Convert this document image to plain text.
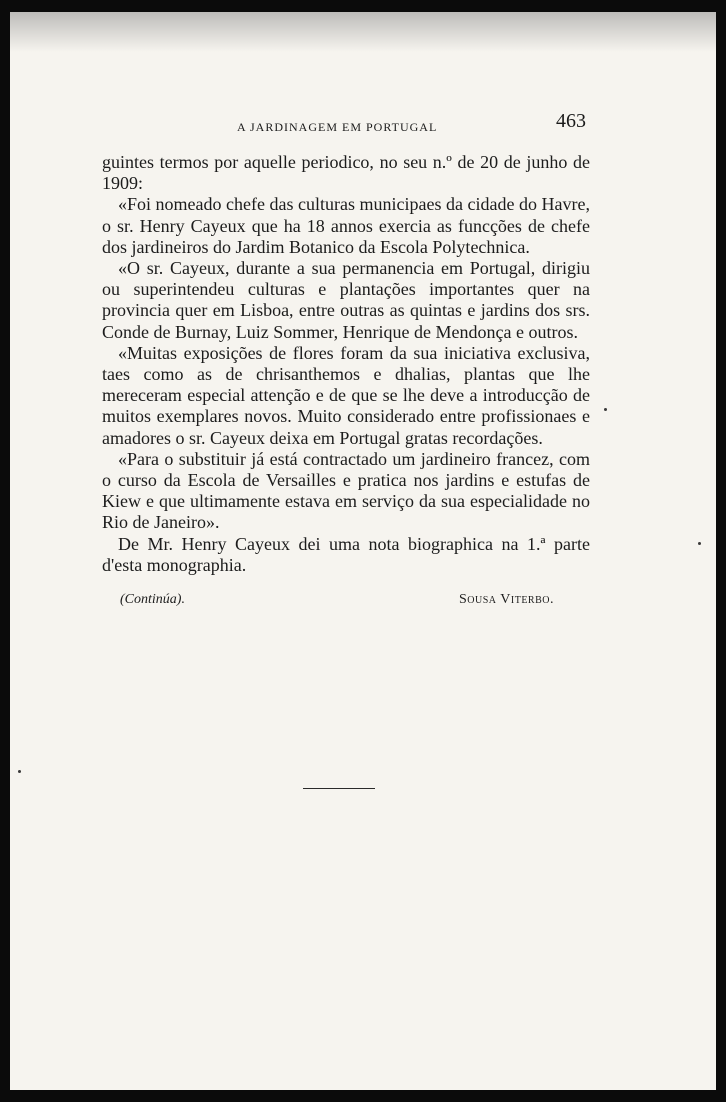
A JARDINAGEM EM PORTUGAL	463

guintes termos por aquelle periodico, no seu n.º de 20 de junho de 1909:

«Foi nomeado chefe das culturas municipaes da cidade do Havre, o sr. Henry Cayeux que ha 18 annos exercia as funcções de chefe dos jardineiros do Jardim Botanico da Escola Polytechnica.

«O sr. Cayeux, durante a sua permanencia em Portugal, dirigiu ou superintendeu culturas e plantações importantes quer na provincia quer em Lisboa, entre outras as quintas e jardins dos srs. Conde de Burnay, Luiz Sommer, Henrique de Mendonça e outros.

«Muitas exposições de flores foram da sua iniciativa exclusiva, taes como as de chrisanthemos e dhalias, plantas que lhe mereceram especial attenção e de que se lhe deve a introducção de muitos exemplares novos. Muito considerado entre profissionaes e amadores o sr. Cayeux deixa em Portugal gratas recordações.

«Para o substituir já está contractado um jardineiro francez, com o curso da Escola de Versailles e pratica nos jardins e estufas de Kiew e que ultimamente estava em serviço da sua especialidade no Rio de Janeiro».

De Mr. Henry Cayeux dei uma nota biographica na 1.ª parte d'esta monographia.

(Continúa).	Sousa Viterbo.
